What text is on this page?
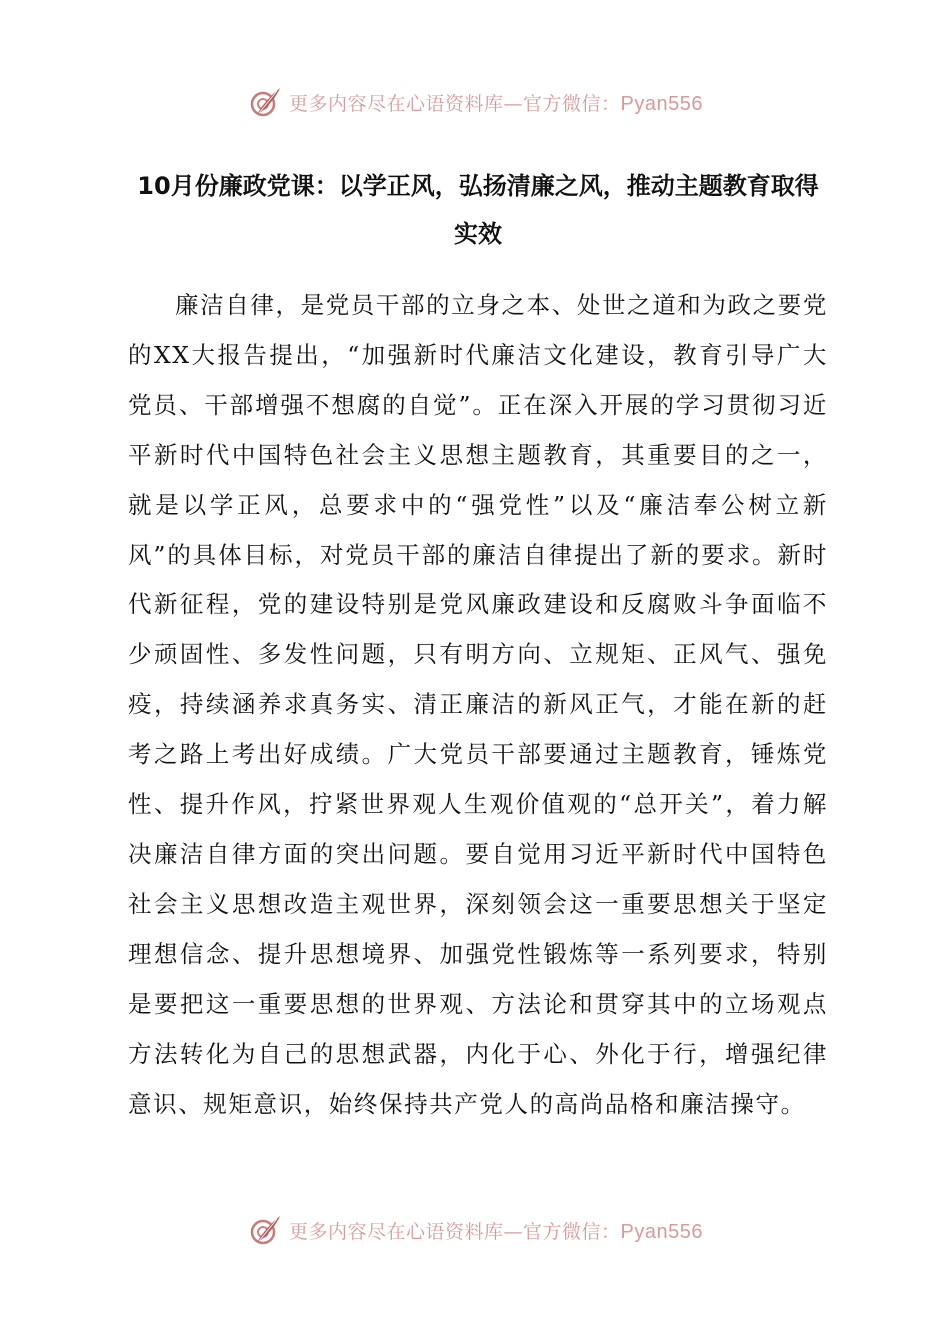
更多内容尽在心语资料库—官方微信：Pyan556
10月份廉政党课：以学正风，弘扬清廉之风，推动主题教育取得实效

廉洁自律，是党员干部的立身之本、处世之道和为政之要党的XX大报告提出，“加强新时代廉洁文化建设，教育引导广大党员、干部增强不想腐的自觉”。正在深入开展的学习贯彻习近平新时代中国特色社会主义思想主题教育，其重要目的之一，就是以学正风，总要求中的“强党性”以及“廉洁奉公树立新风”的具体目标，对党员干部的廉洁自律提出了新的要求。新时代新征程，党的建设特别是党风廉政建设和反腐败斗争面临不少顽固性、多发性问题，只有明方向、立规矩、正风气、强免疫，持续涵养求真务实、清正廉洁的新风正气，才能在新的赶考之路上考出好成绩。广大党员干部要通过主题教育，锤炼党性、提升作风，拧紧世界观人生观价值观的“总开关”，着力解决廉洁自律方面的突出问题。要自觉用习近平新时代中国特色社会主义思想改造主观世界，深刻领会这一重要思想关于坚定理想信念、提升思想境界、加强党性锻炼等一系列要求，特别是要把这一重要思想的世界观、方法论和贯穿其中的立场观点方法转化为自己的思想武器，内化于心、外化于行，增强纪律意识、规矩意识，始终保持共产党人的高尚品格和廉洁操守。

更多内容尽在心语资料库—官方微信：Pyan556
